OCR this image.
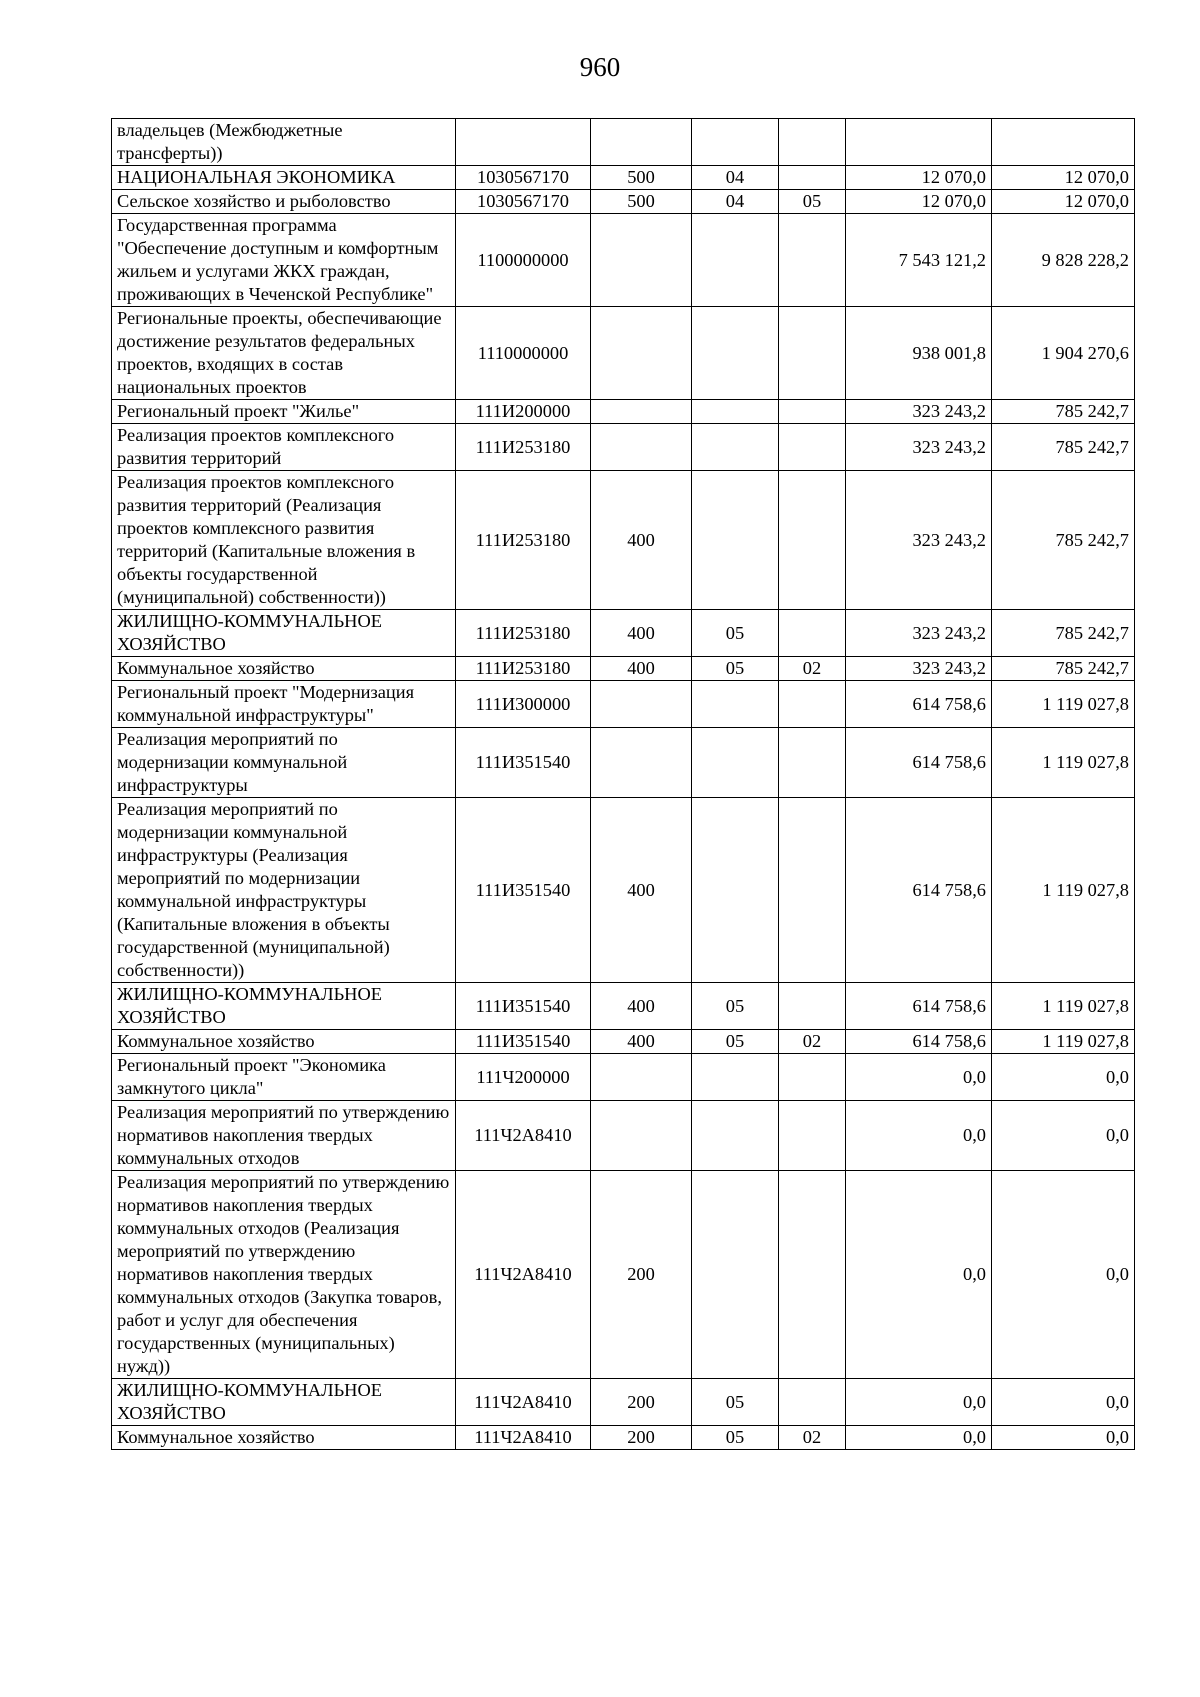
960
владельцев (Межбюджетные трансферты))						
НАЦИОНАЛЬНАЯ ЭКОНОМИКА	1030567170	500	04		12 070,0	12 070,0
Сельское хозяйство и рыболовство	1030567170	500	04	05	12 070,0	12 070,0
Государственная программа "Обеспечение доступным и комфортным жильем и услугами ЖКХ граждан, проживающих в Чеченской Республике"	1100000000				7 543 121,2	9 828 228,2
Региональные проекты, обеспечивающие достижение результатов федеральных проектов, входящих в состав национальных проектов	1110000000				938 001,8	1 904 270,6
Региональный проект "Жилье"	111И200000				323 243,2	785 242,7
Реализация проектов комплексного развития территорий	111И253180				323 243,2	785 242,7
Реализация проектов комплексного развития территорий (Реализация проектов комплексного развития территорий (Капитальные вложения в объекты государственной (муниципальной) собственности))	111И253180	400			323 243,2	785 242,7
ЖИЛИЩНО-КОММУНАЛЬНОЕ ХОЗЯЙСТВО	111И253180	400	05		323 243,2	785 242,7
Коммунальное хозяйство	111И253180	400	05	02	323 243,2	785 242,7
Региональный проект "Модернизация коммунальной инфраструктуры"	111И300000				614 758,6	1 119 027,8
Реализация мероприятий по модернизации коммунальной инфраструктуры	111И351540				614 758,6	1 119 027,8
Реализация мероприятий по модернизации коммунальной инфраструктуры (Реализация мероприятий по модернизации коммунальной инфраструктуры (Капитальные вложения в объекты государственной (муниципальной) собственности))	111И351540	400			614 758,6	1 119 027,8
ЖИЛИЩНО-КОММУНАЛЬНОЕ ХОЗЯЙСТВО	111И351540	400	05		614 758,6	1 119 027,8
Коммунальное хозяйство	111И351540	400	05	02	614 758,6	1 119 027,8
Региональный проект "Экономика замкнутого цикла"	111Ч200000				0,0	0,0
Реализация мероприятий по утверждению нормативов накопления твердых коммунальных отходов	111Ч2А8410				0,0	0,0
Реализация мероприятий по утверждению нормативов накопления твердых коммунальных отходов (Реализация мероприятий по утверждению нормативов накопления твердых коммунальных отходов (Закупка товаров, работ и услуг для обеспечения государственных (муниципальных) нужд))	111Ч2А8410	200			0,0	0,0
ЖИЛИЩНО-КОММУНАЛЬНОЕ ХОЗЯЙСТВО	111Ч2А8410	200	05		0,0	0,0
Коммунальное хозяйство	111Ч2А8410	200	05	02	0,0	0,0
